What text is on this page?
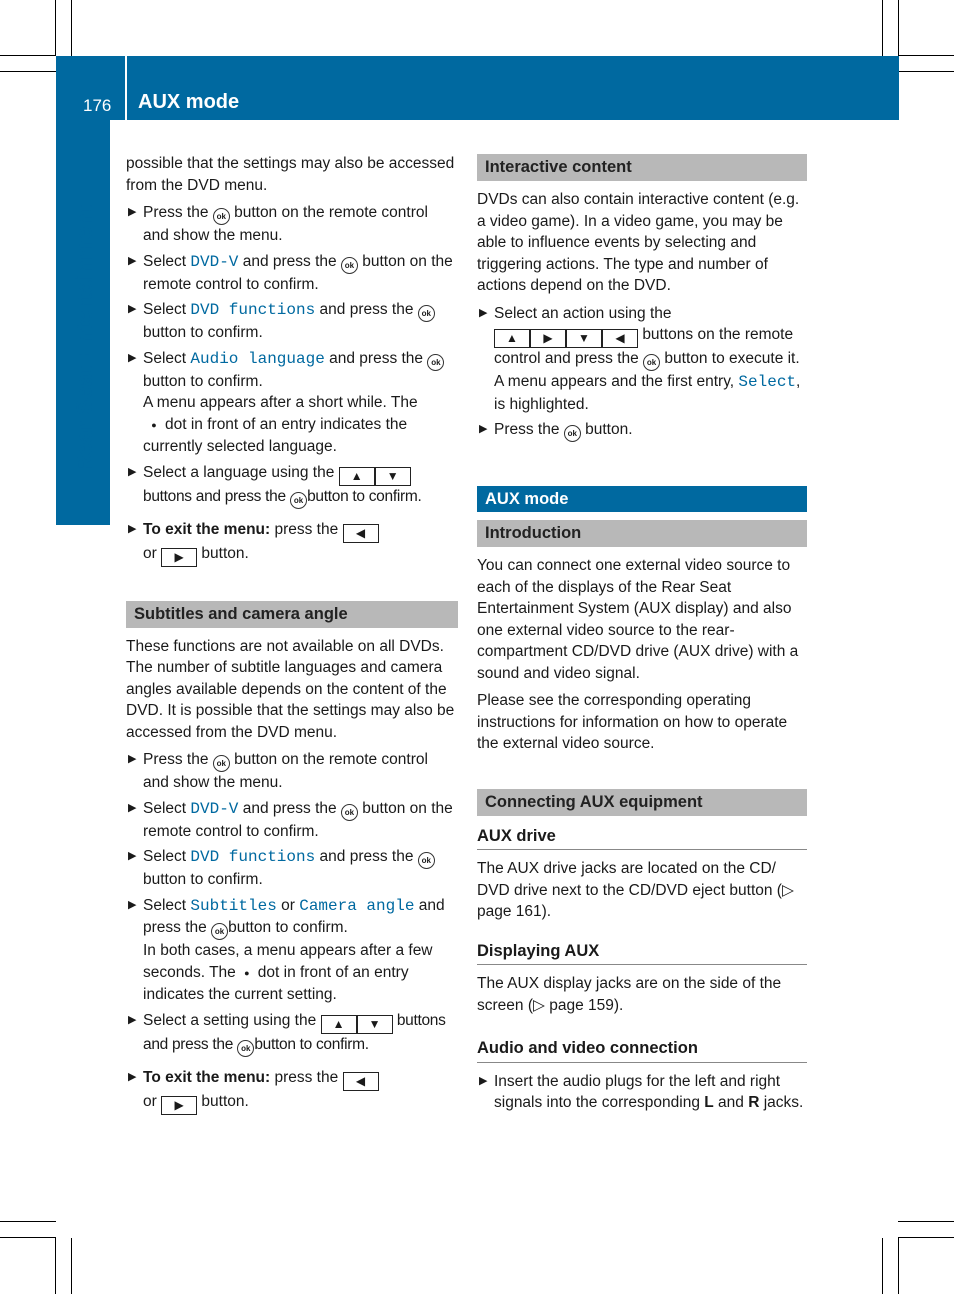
176 AUX mode
Rear Seat Entertainment

possible that the settings may also be accessed from the DVD menu.

▶ Press the ok button on the remote control and show the menu.
▶ Select DVD-V and press the ok button on the remote control to confirm.
▶ Select DVD functions and press the ok button to confirm.
▶ Select Audio language and press the ok button to confirm.
A menu appears after a short while. The
● dot in front of an entry indicates the currently selected language.
▶ Select a language using the ▲ ▼ buttons and press the ok button to confirm.
▶ To exit the menu: press the ◀
or ▶ button.
Subtitles and camera angle

These functions are not available on all DVDs. The number of subtitle languages and camera angles available depends on the content of the DVD. It is possible that the settings may also be accessed from the DVD menu.

▶ Press the ok button on the remote control and show the menu.
▶ Select DVD-V and press the ok button on the remote control to confirm.
▶ Select DVD functions and press the ok button to confirm.
▶ Select Subtitles or Camera angle and press the ok button to confirm.
In both cases, a menu appears after a few seconds. The ● dot in front of an entry indicates the current setting.
▶ Select a setting using the ▲ ▼ buttons and press the ok button to confirm.
▶ To exit the menu: press the ◀
or ▶ button.
Interactive content

DVDs can also contain interactive content (e.g. a video game). In a video game, you may be able to influence events by selecting and triggering actions. The type and number of actions depend on the DVD.

▶ Select an action using the
▲ ▶ ▼ ◀ buttons on the remote control and press the ok button to execute it.
A menu appears and the first entry, Select, is highlighted.
▶ Press the ok button.
AUX mode
Introduction

You can connect one external video source to each of the displays of the Rear Seat Entertainment System (AUX display) and also one external video source to the rear-compartment CD/DVD drive (AUX drive) with a sound and video signal.

Please see the corresponding operating instructions for information on how to operate the external video source.

Connecting AUX equipment
AUX drive

The AUX drive jacks are located on the CD/ DVD drive next to the CD/DVD eject button (▷ page 161).

Displaying AUX

The AUX display jacks are on the side of the screen (▷ page 159).

Audio and video connection
▶ Insert the audio plugs for the left and right signals into the corresponding L and R jacks.
